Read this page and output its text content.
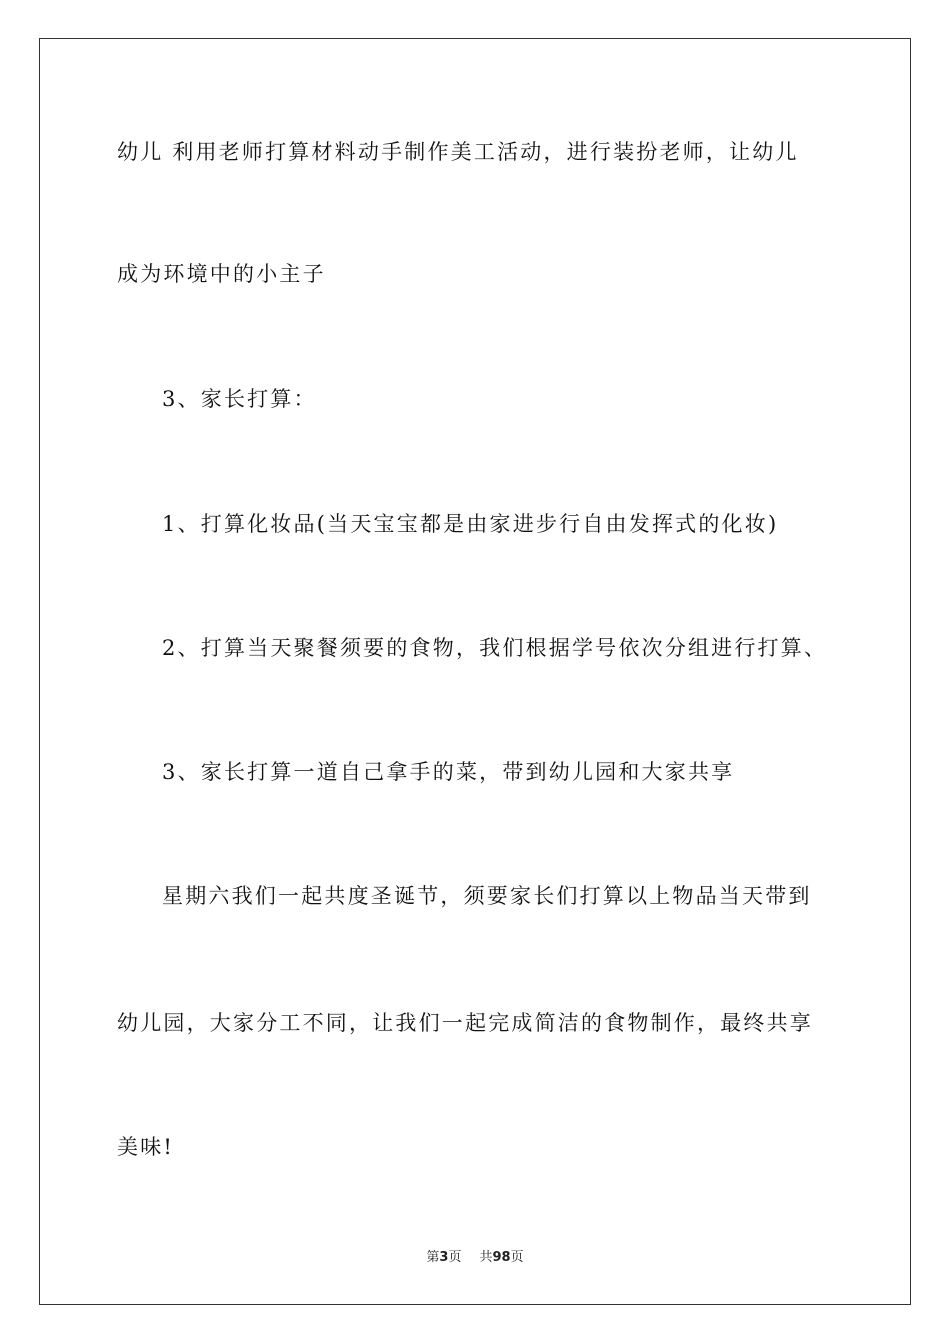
幼儿 利用老师打算材料动手制作美工活动，进行装扮老师，让幼儿
成为环境中的小主子
3、家长打算：
1、打算化妆品(当天宝宝都是由家进步行自由发挥式的化妆)
2、打算当天聚餐须要的食物，我们根据学号依次分组进行打算、
3、家长打算一道自己拿手的菜，带到幼儿园和大家共享
星期六我们一起共度圣诞节，须要家长们打算以上物品当天带到
幼儿园，大家分工不同，让我们一起完成简洁的食物制作，最终共享
美味!
第3页 共98页
